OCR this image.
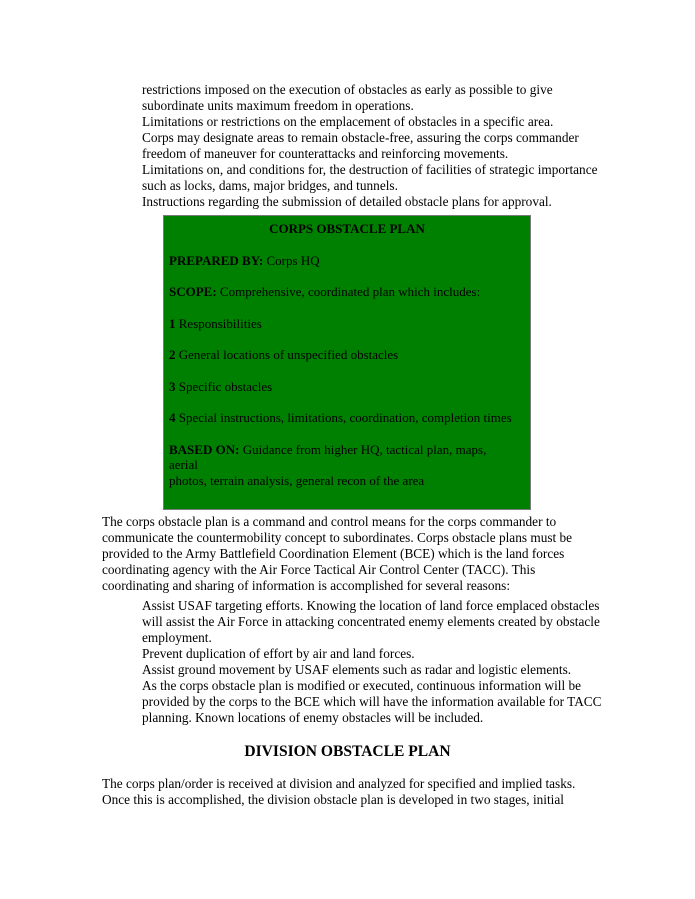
restrictions imposed on the execution of obstacles as early as possible to give subordinate units maximum freedom in operations.

Limitations or restrictions on the emplacement of obstacles in a specific area.

Corps may designate areas to remain obstacle-free, assuring the corps commander freedom of maneuver for counterattacks and reinforcing movements.

Limitations on, and conditions for, the destruction of facilities of strategic importance such as locks, dams, major bridges, and tunnels.

Instructions regarding the submission of detailed obstacle plans for approval.

CORPS OBSTACLE PLAN
PREPARED BY: Corps HQ
SCOPE: Comprehensive, coordinated plan which includes:
1 Responsibilities
2 General locations of unspecified obstacles
3 Specific obstacles
4 Special instructions, limitations, coordination, completion times
BASED ON: Guidance from higher HQ, tactical plan, maps,
aerial
photos, terrain analysis, general recon of the area

The corps obstacle plan is a command and control means for the corps commander to communicate the countermobility concept to subordinates. Corps obstacle plans must be provided to the Army Battlefield Coordination Element (BCE) which is the land forces coordinating agency with the Air Force Tactical Air Control Center (TACC). This coordinating and sharing of information is accomplished for several reasons:

Assist USAF targeting efforts. Knowing the location of land force emplaced obstacles will assist the Air Force in attacking concentrated enemy elements created by obstacle employment.

Prevent duplication of effort by air and land forces.

Assist ground movement by USAF elements such as radar and logistic elements.

As the corps obstacle plan is modified or executed, continuous information will be provided by the corps to the BCE which will have the information available for TACC planning. Known locations of enemy obstacles will be included.

DIVISION OBSTACLE PLAN

The corps plan/order is received at division and analyzed for specified and implied tasks. Once this is accomplished, the division obstacle plan is developed in two stages, initial
